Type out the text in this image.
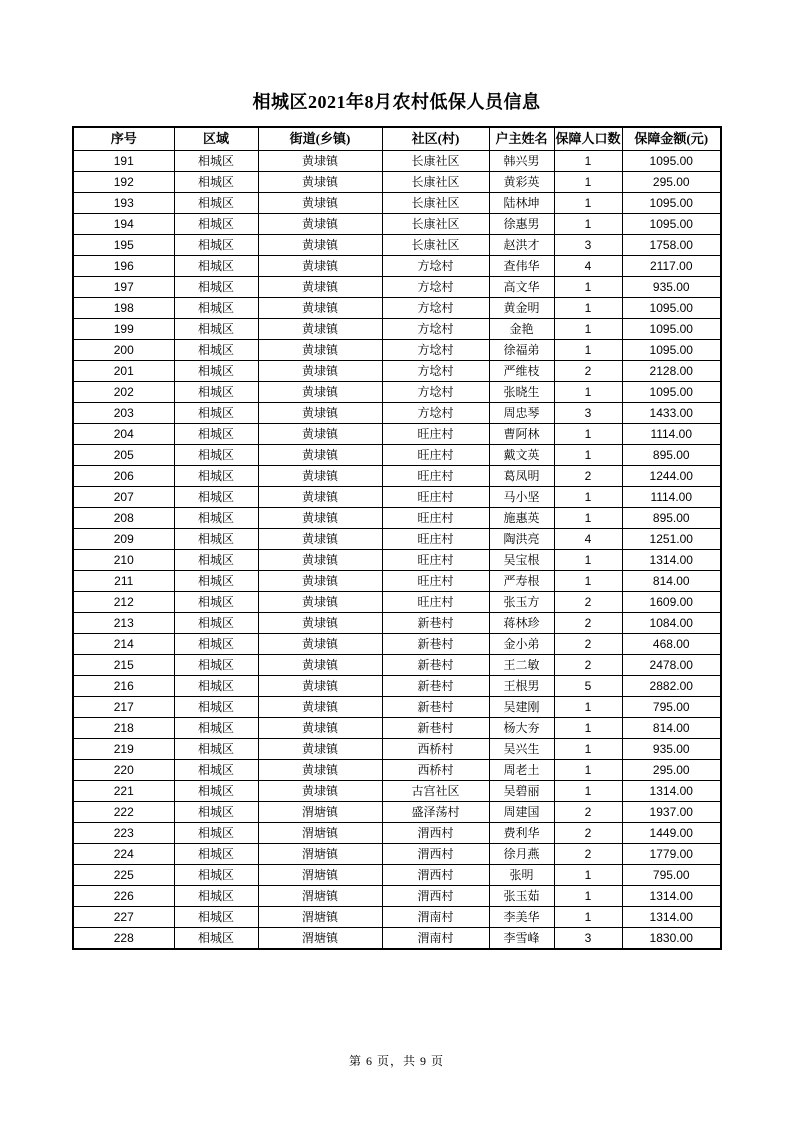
相城区2021年8月农村低保人员信息
序号	区域	街道(乡镇)	社区(村)	户主姓名	保障人口数	保障金额(元)
191	相城区	黄埭镇	长康社区	韩兴男	1	1095.00
192	相城区	黄埭镇	长康社区	黄彩英	1	295.00
193	相城区	黄埭镇	长康社区	陆林坤	1	1095.00
194	相城区	黄埭镇	长康社区	徐惠男	1	1095.00
195	相城区	黄埭镇	长康社区	赵洪才	3	1758.00
196	相城区	黄埭镇	方埝村	查伟华	4	2117.00
197	相城区	黄埭镇	方埝村	高文华	1	935.00
198	相城区	黄埭镇	方埝村	黄金明	1	1095.00
199	相城区	黄埭镇	方埝村	金艳	1	1095.00
200	相城区	黄埭镇	方埝村	徐福弟	1	1095.00
201	相城区	黄埭镇	方埝村	严维枝	2	2128.00
202	相城区	黄埭镇	方埝村	张晓生	1	1095.00
203	相城区	黄埭镇	方埝村	周忠琴	3	1433.00
204	相城区	黄埭镇	旺庄村	曹阿林	1	1114.00
205	相城区	黄埭镇	旺庄村	戴文英	1	895.00
206	相城区	黄埭镇	旺庄村	葛凤明	2	1244.00
207	相城区	黄埭镇	旺庄村	马小坚	1	1114.00
208	相城区	黄埭镇	旺庄村	施惠英	1	895.00
209	相城区	黄埭镇	旺庄村	陶洪亮	4	1251.00
210	相城区	黄埭镇	旺庄村	吴宝根	1	1314.00
211	相城区	黄埭镇	旺庄村	严寿根	1	814.00
212	相城区	黄埭镇	旺庄村	张玉方	2	1609.00
213	相城区	黄埭镇	新巷村	蒋林珍	2	1084.00
214	相城区	黄埭镇	新巷村	金小弟	2	468.00
215	相城区	黄埭镇	新巷村	王二敏	2	2478.00
216	相城区	黄埭镇	新巷村	王根男	5	2882.00
217	相城区	黄埭镇	新巷村	吴建刚	1	795.00
218	相城区	黄埭镇	新巷村	杨大夯	1	814.00
219	相城区	黄埭镇	西桥村	吴兴生	1	935.00
220	相城区	黄埭镇	西桥村	周老土	1	295.00
221	相城区	黄埭镇	古宫社区	吴碧丽	1	1314.00
222	相城区	渭塘镇	盛泽荡村	周建国	2	1937.00
223	相城区	渭塘镇	渭西村	费利华	2	1449.00
224	相城区	渭塘镇	渭西村	徐月燕	2	1779.00
225	相城区	渭塘镇	渭西村	张明	1	795.00
226	相城区	渭塘镇	渭西村	张玉茹	1	1314.00
227	相城区	渭塘镇	渭南村	李美华	1	1314.00
228	相城区	渭塘镇	渭南村	李雪峰	3	1830.00
第 6 页，共 9 页
